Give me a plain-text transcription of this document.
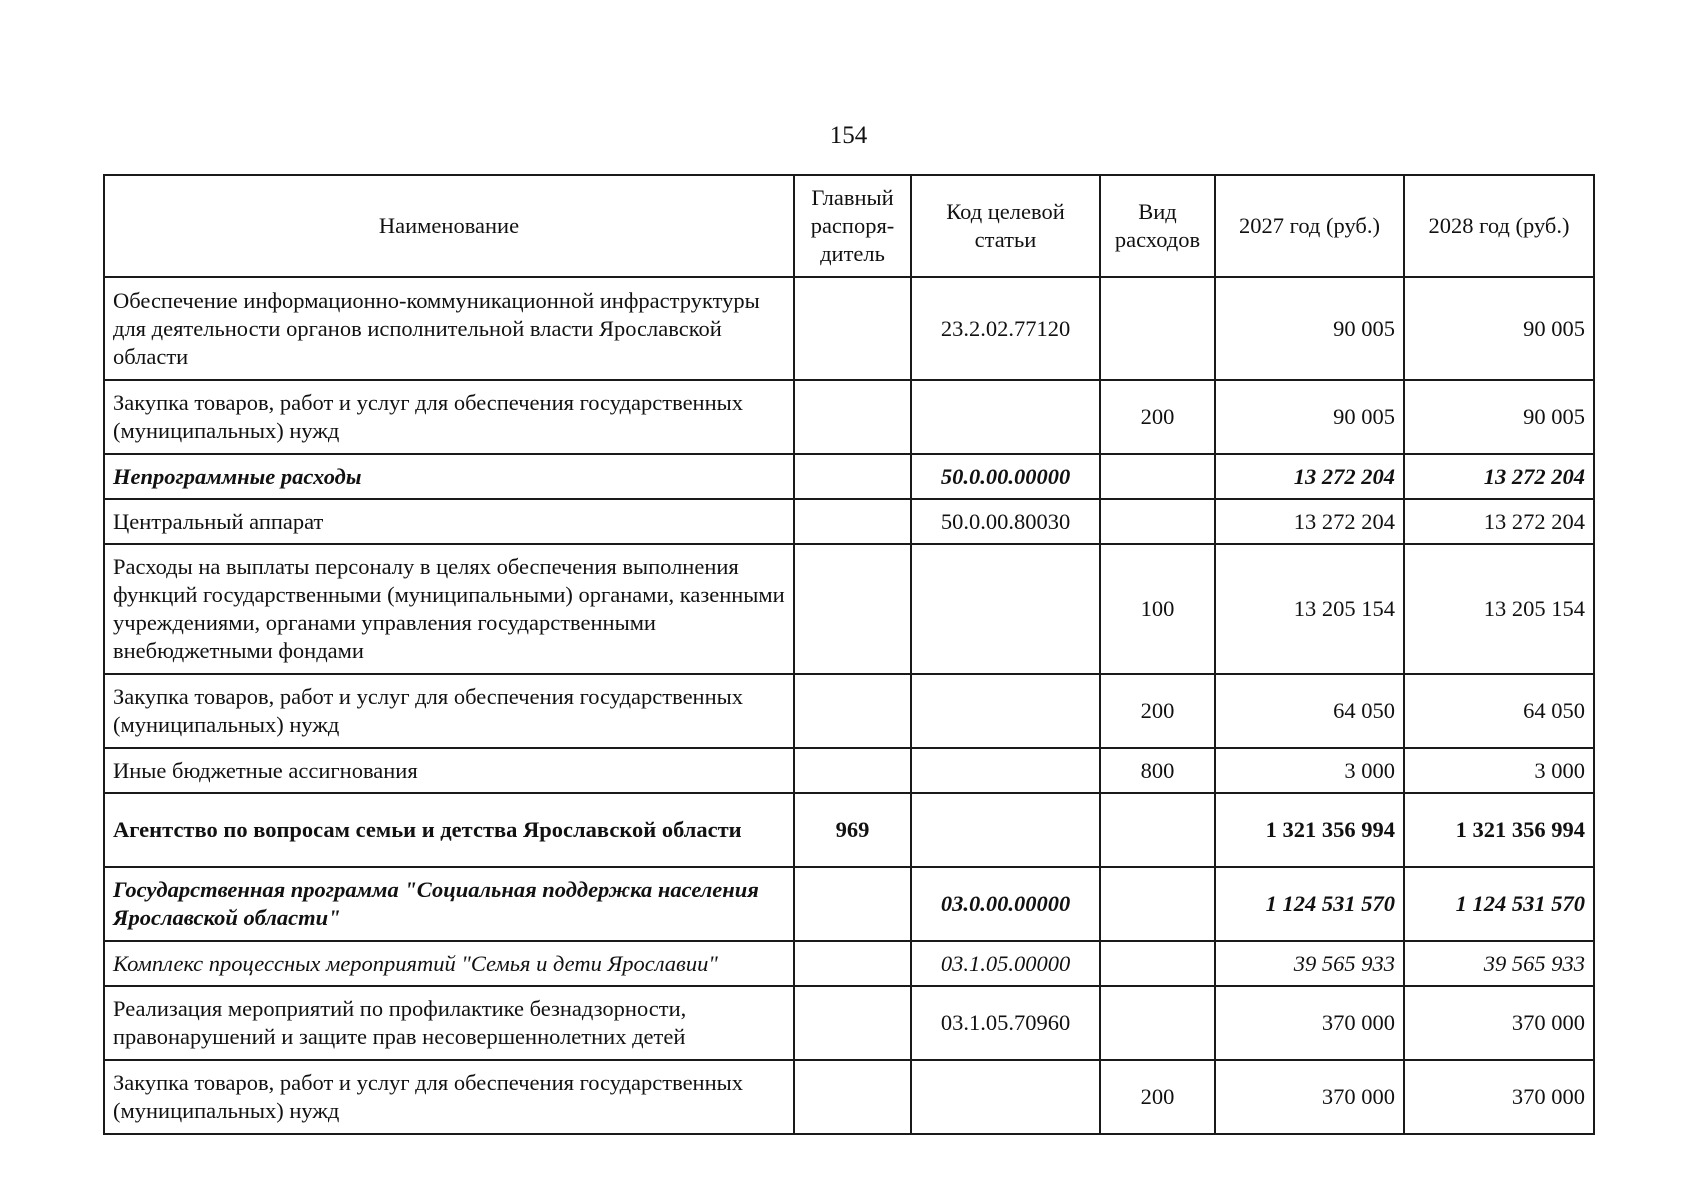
154
Наименование	Главный распоря-дитель	Код целевой статьи	Вид расходов	2027 год (руб.)	2028 год (руб.)
Обеспечение информационно-коммуникационной инфраструктуры для деятельности органов исполнительной власти Ярославской области		23.2.02.77120		90 005	90 005
Закупка товаров, работ и услуг для обеспечения государственных (муниципальных) нужд			200	90 005	90 005
Непрограммные расходы		50.0.00.00000		13 272 204	13 272 204
Центральный аппарат		50.0.00.80030		13 272 204	13 272 204
Расходы на выплаты персоналу в целях обеспечения выполнения функций государственными (муниципальными) органами, казенными учреждениями, органами управления государственными внебюджетными фондами			100	13 205 154	13 205 154
Закупка товаров, работ и услуг для обеспечения государственных (муниципальных) нужд			200	64 050	64 050
Иные бюджетные ассигнования			800	3 000	3 000
Агентство по вопросам семьи и детства Ярославской области	969			1 321 356 994	1 321 356 994
Государственная программа "Социальная поддержка населения Ярославской области"		03.0.00.00000		1 124 531 570	1 124 531 570
Комплекс процессных мероприятий "Семья и дети Ярославии"		03.1.05.00000		39 565 933	39 565 933
Реализация мероприятий по профилактике безнадзорности, правонарушений и защите прав несовершеннолетних детей		03.1.05.70960		370 000	370 000
Закупка товаров, работ и услуг для обеспечения государственных (муниципальных) нужд			200	370 000	370 000
